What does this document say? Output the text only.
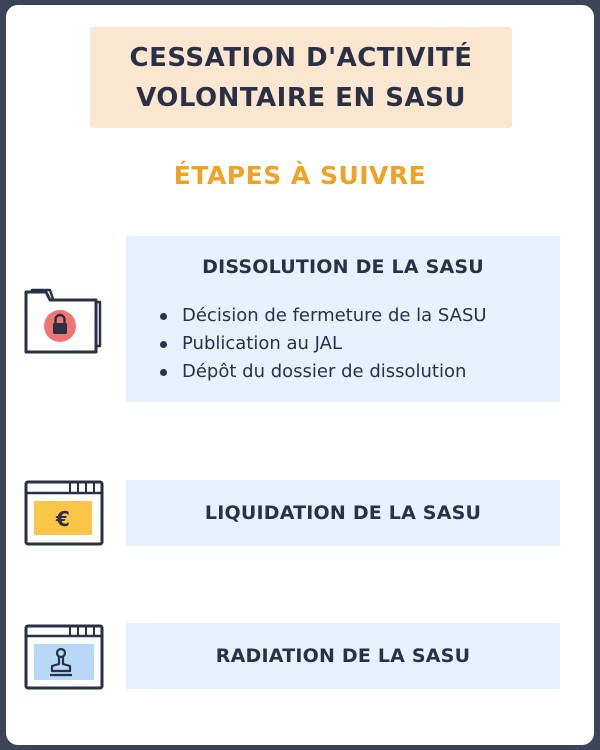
CESSATION D'ACTIVITÉ
VOLONTAIRE EN SASU
ÉTAPES À SUIVRE
DISSOLUTION DE LA SASU
Décision de fermeture de la SASU
Publication au JAL
Dépôt du dossier de dissolution
€	LIQUIDATION DE LA SASU
RADIATION DE LA SASU
